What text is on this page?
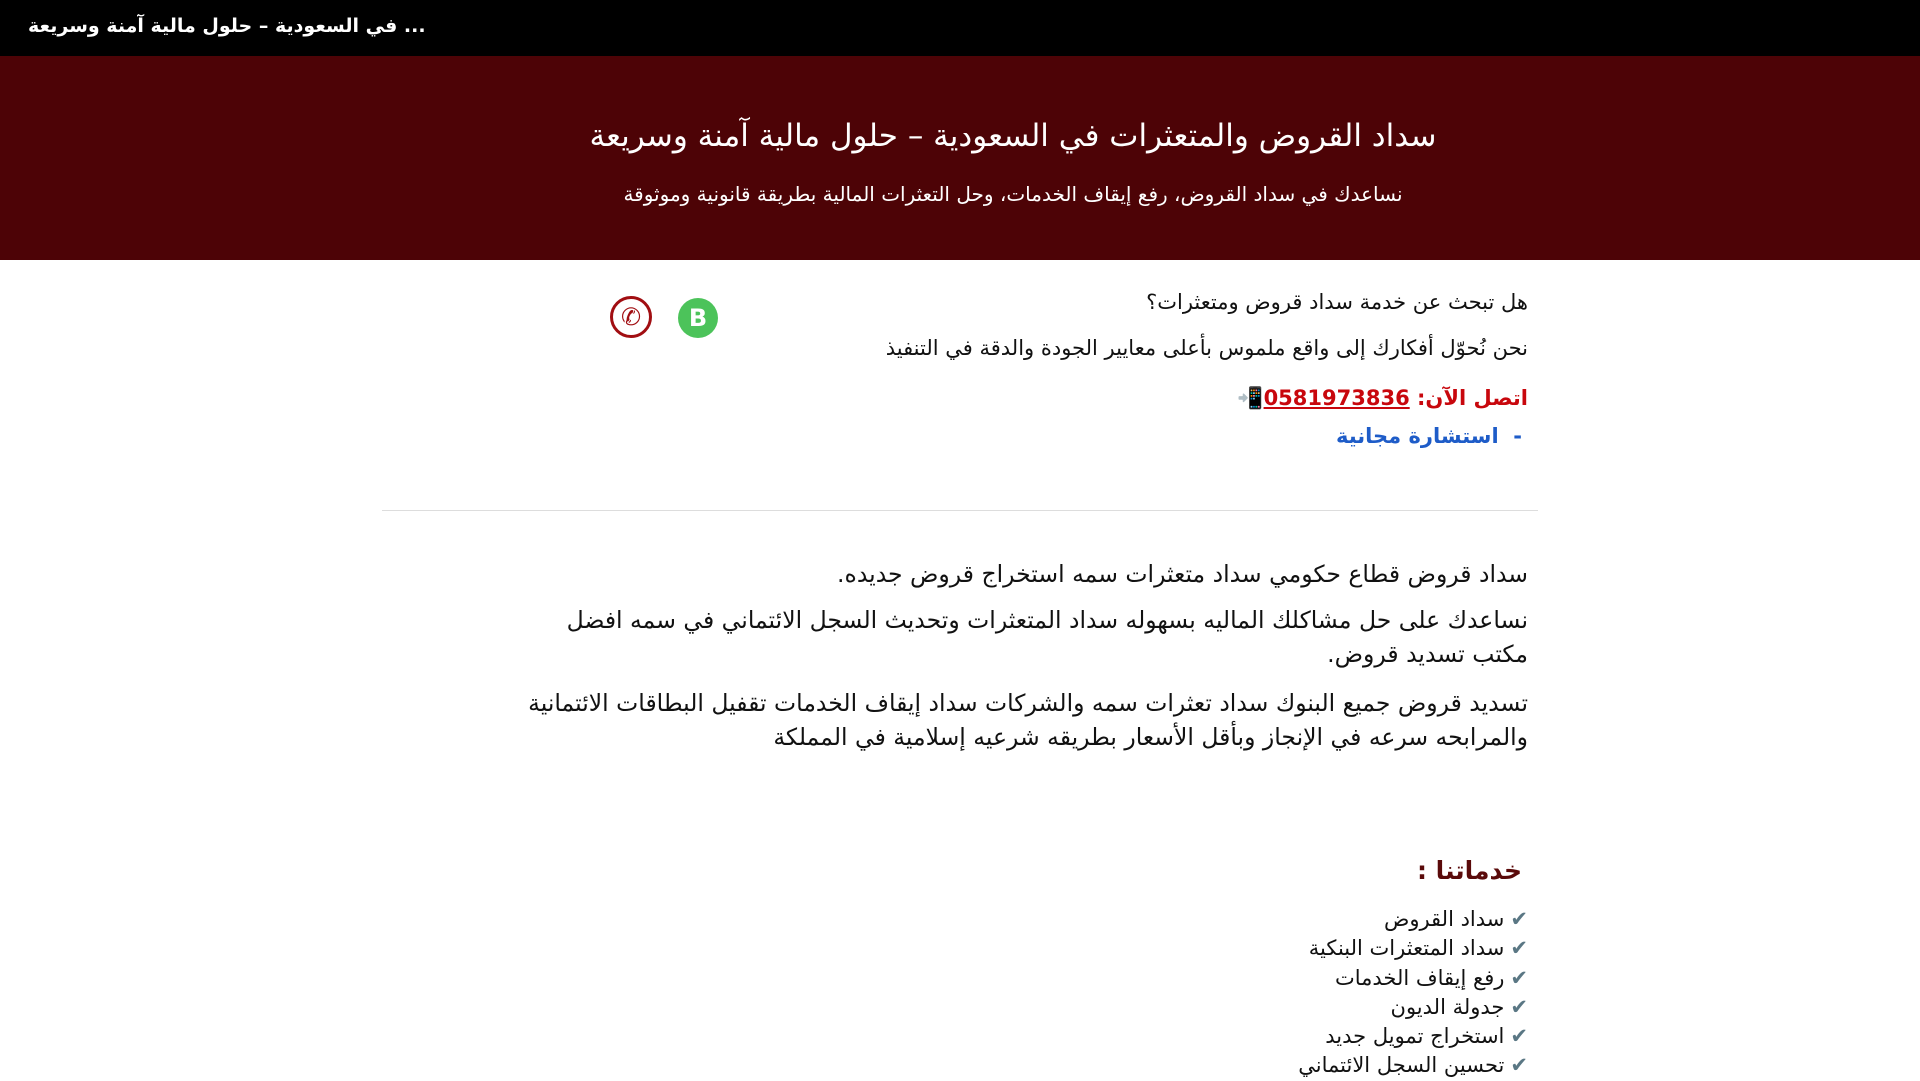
... في السعودية – حلول مالية آمنة وسريعة
سداد القروض والمتعثرات في السعودية – حلول مالية آمنة وسريعة

نساعدك في سداد القروض، رفع إيقاف الخدمات، وحل التعثرات المالية بطريقة قانونية وموثوقة

B
✆
هل تبحث عن خدمة سداد قروض ومتعثرات؟
نحن نُحوّل أفكارك إلى واقع ملموس بأعلى معايير الجودة والدقة في التنفيذ
اتصل الآن: 0581973836📲
-  استشارة مجانية
سداد قروض قطاع حكومي سداد متعثرات سمه استخراج قروض جديده.
نساعدك على حل مشاكلك الماليه بسهوله سداد المتعثرات وتحديث السجل الائتماني في سمه افضل مكتب تسديد قروض.
تسديد قروض جميع البنوك سداد تعثرات سمه والشركات سداد إيقاف الخدمات تقفيل البطاقات الائتمانية والمرابحه سرعه في الإنجاز وبأقل الأسعار بطريقه شرعيه إسلامية في المملكة
خدماتنا :
✔سداد القروض
✔سداد المتعثرات البنكية
✔رفع إيقاف الخدمات
✔جدولة الديون
✔استخراج تمويل جديد
✔تحسين السجل الائتماني
